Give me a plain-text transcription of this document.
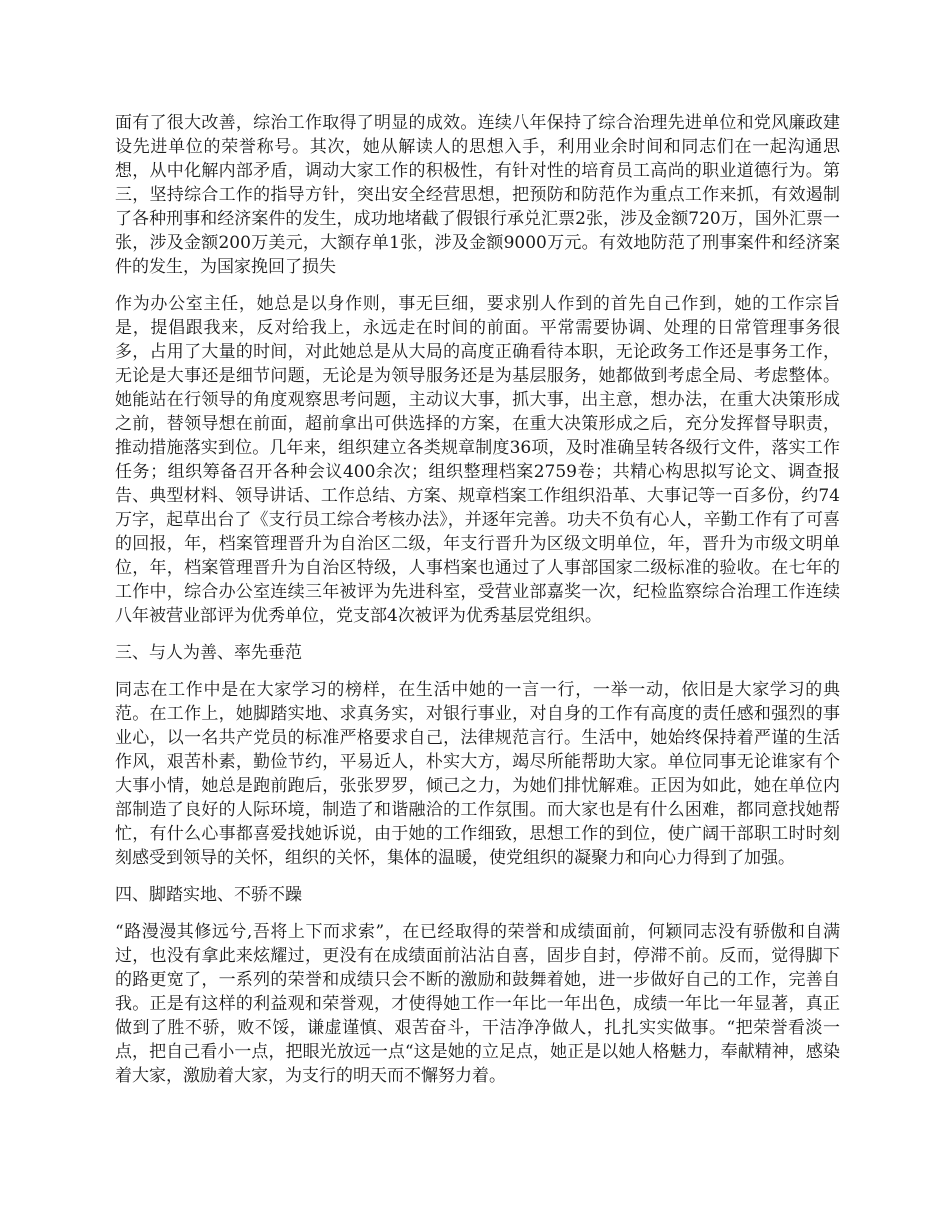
面有了很大改善，综治工作取得了明显的成效。连续八年保持了综合治理先进单位和党风廉政建设先进单位的荣誉称号。其次，她从解读人的思想入手，利用业余时间和同志们在一起沟通思想，从中化解内部矛盾，调动大家工作的积极性，有针对性的培育员工高尚的职业道德行为。第三，坚持综合工作的指导方针，突出安全经营思想，把预防和防范作为重点工作来抓，有效遏制了各种刑事和经济案件的发生，成功地堵截了假银行承兑汇票2张，涉及金额720万，国外汇票一张，涉及金额200万美元，大额存单1张，涉及金额9000万元。有效地防范了刑事案件和经济案件的发生，为国家挽回了损失

作为办公室主任，她总是以身作则，事无巨细，要求别人作到的首先自己作到，她的工作宗旨是，提倡跟我来，反对给我上，永远走在时间的前面。平常需要协调、处理的日常管理事务很多，占用了大量的时间，对此她总是从大局的高度正确看待本职，无论政务工作还是事务工作，无论是大事还是细节问题，无论是为领导服务还是为基层服务，她都做到考虑全局、考虑整体。她能站在行领导的角度观察思考问题，主动议大事，抓大事，出主意，想办法，在重大决策形成之前，替领导想在前面，超前拿出可供选择的方案，在重大决策形成之后，充分发挥督导职责，推动措施落实到位。几年来，组织建立各类规章制度36项，及时准确呈转各级行文件，落实工作任务；组织筹备召开各种会议400余次；组织整理档案2759卷；共精心构思拟写论文、调查报告、典型材料、领导讲话、工作总结、方案、规章档案工作组织沿革、大事记等一百多份，约74万字，起草出台了《支行员工综合考核办法》，并逐年完善。功夫不负有心人，辛勤工作有了可喜的回报，年，档案管理晋升为自治区二级，年支行晋升为区级文明单位，年，晋升为市级文明单位，年，档案管理晋升为自治区特级，人事档案也通过了人事部国家二级标准的验收。在七年的工作中，综合办公室连续三年被评为先进科室，受营业部嘉奖一次，纪检监察综合治理工作连续八年被营业部评为优秀单位，党支部4次被评为优秀基层党组织。

三、与人为善、率先垂范

同志在工作中是在大家学习的榜样，在生活中她的一言一行，一举一动，依旧是大家学习的典范。在工作上，她脚踏实地、求真务实，对银行事业，对自身的工作有高度的责任感和强烈的事业心，以一名共产党员的标准严格要求自己，法律规范言行。生活中，她始终保持着严谨的生活作风，艰苦朴素，勤俭节约，平易近人，朴实大方，竭尽所能帮助大家。单位同事无论谁家有个大事小情，她总是跑前跑后，张张罗罗，倾己之力，为她们排忧解难。正因为如此，她在单位内部制造了良好的人际环境，制造了和谐融洽的工作氛围。而大家也是有什么困难，都同意找她帮忙，有什么心事都喜爱找她诉说，由于她的工作细致，思想工作的到位，使广阔干部职工时时刻刻感受到领导的关怀，组织的关怀，集体的温暖，使党组织的凝聚力和向心力得到了加强。

四、脚踏实地、不骄不躁

“路漫漫其修远兮,吾将上下而求索”，在已经取得的荣誉和成绩面前，何颖同志没有骄傲和自满过，也没有拿此来炫耀过，更没有在成绩面前沾沾自喜，固步自封，停滞不前。反而，觉得脚下的路更宽了，一系列的荣誉和成绩只会不断的激励和鼓舞着她，进一步做好自己的工作，完善自我。正是有这样的利益观和荣誉观，才使得她工作一年比一年出色，成绩一年比一年显著，真正做到了胜不骄，败不馁，谦虚谨慎、艰苦奋斗，干洁净净做人，扎扎实实做事。“把荣誉看淡一点，把自己看小一点，把眼光放远一点“这是她的立足点，她正是以她人格魅力，奉献精神，感染着大家，激励着大家，为支行的明天而不懈努力着。
